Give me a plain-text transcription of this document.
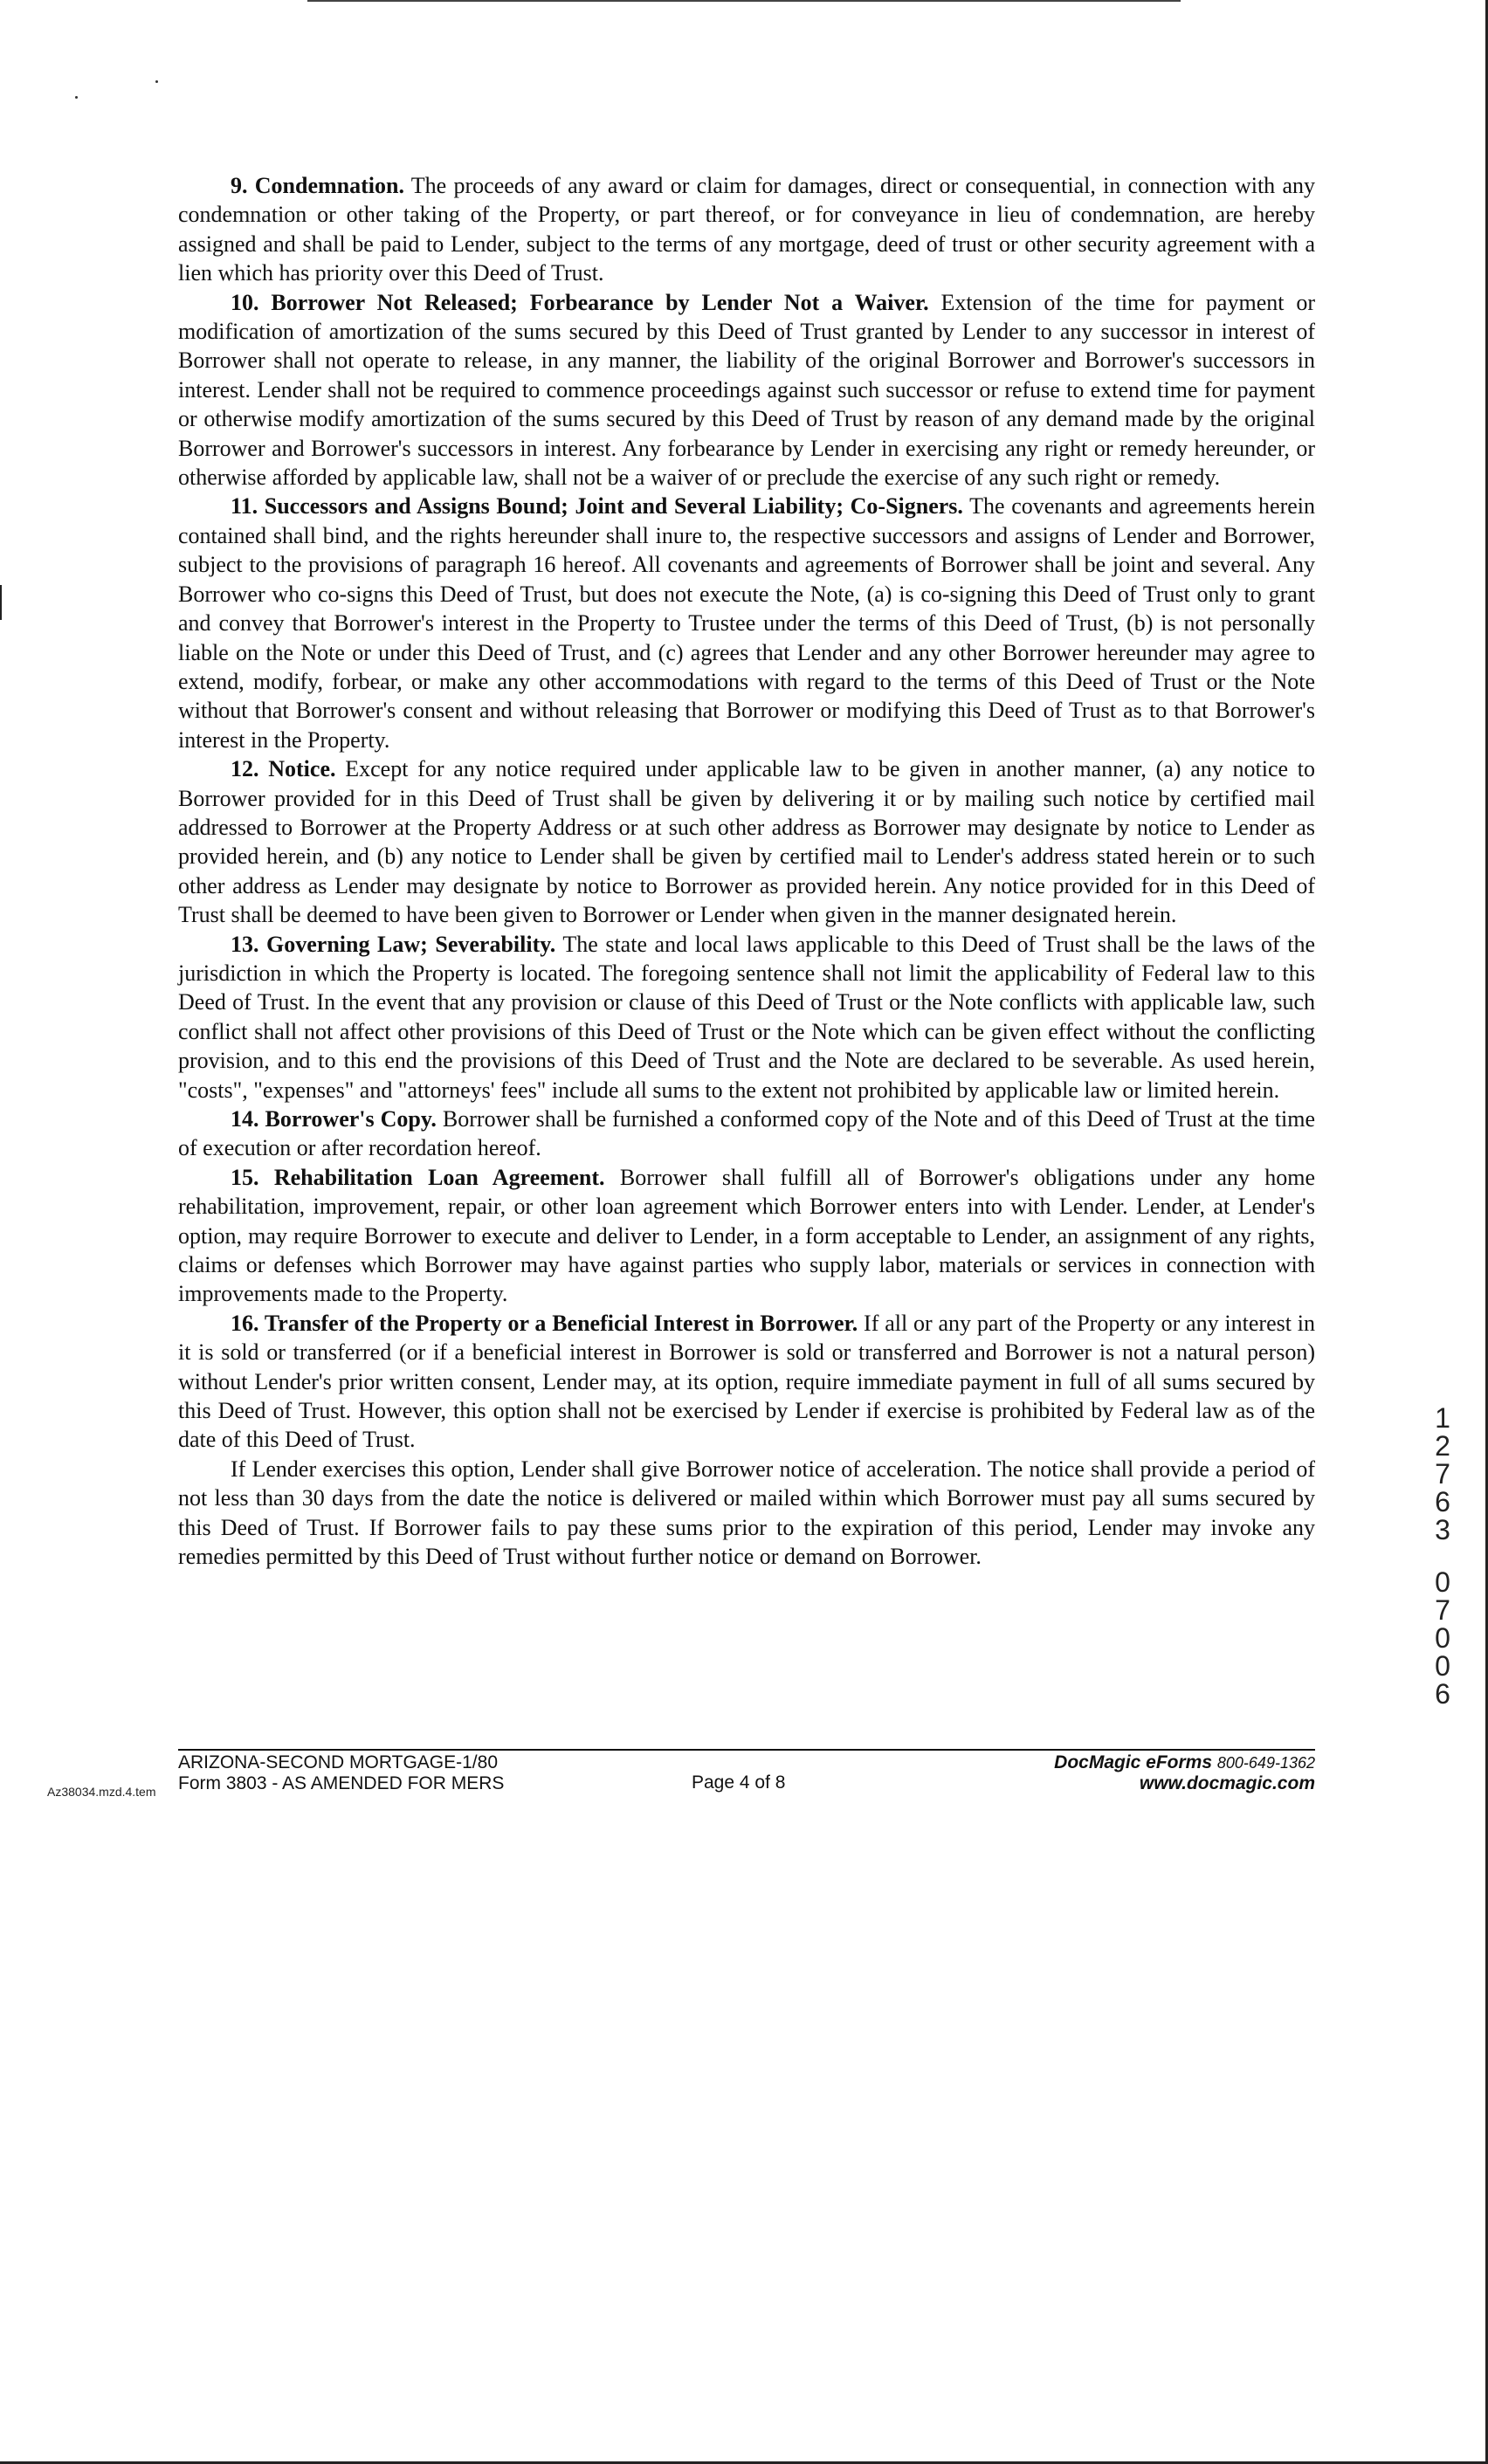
9. Condemnation. The proceeds of any award or claim for damages, direct or consequential, in connection with any condemnation or other taking of the Property, or part thereof, or for conveyance in lieu of condemnation, are hereby assigned and shall be paid to Lender, subject to the terms of any mortgage, deed of trust or other security agreement with a lien which has priority over this Deed of Trust.

10. Borrower Not Released; Forbearance by Lender Not a Waiver. Extension of the time for payment or modification of amortization of the sums secured by this Deed of Trust granted by Lender to any successor in interest of Borrower shall not operate to release, in any manner, the liability of the original Borrower and Borrower's successors in interest. Lender shall not be required to commence proceedings against such successor or refuse to extend time for payment or otherwise modify amortization of the sums secured by this Deed of Trust by reason of any demand made by the original Borrower and Borrower's successors in interest. Any forbearance by Lender in exercising any right or remedy hereunder, or otherwise afforded by applicable law, shall not be a waiver of or preclude the exercise of any such right or remedy.

11. Successors and Assigns Bound; Joint and Several Liability; Co-Signers. The covenants and agreements herein contained shall bind, and the rights hereunder shall inure to, the respective successors and assigns of Lender and Borrower, subject to the provisions of paragraph 16 hereof. All covenants and agreements of Borrower shall be joint and several. Any Borrower who co-signs this Deed of Trust, but does not execute the Note, (a) is co-signing this Deed of Trust only to grant and convey that Borrower's interest in the Property to Trustee under the terms of this Deed of Trust, (b) is not personally liable on the Note or under this Deed of Trust, and (c) agrees that Lender and any other Borrower hereunder may agree to extend, modify, forbear, or make any other accommodations with regard to the terms of this Deed of Trust or the Note without that Borrower's consent and without releasing that Borrower or modifying this Deed of Trust as to that Borrower's interest in the Property.

12. Notice. Except for any notice required under applicable law to be given in another manner, (a) any notice to Borrower provided for in this Deed of Trust shall be given by delivering it or by mailing such notice by certified mail addressed to Borrower at the Property Address or at such other address as Borrower may designate by notice to Lender as provided herein, and (b) any notice to Lender shall be given by certified mail to Lender's address stated herein or to such other address as Lender may designate by notice to Borrower as provided herein. Any notice provided for in this Deed of Trust shall be deemed to have been given to Borrower or Lender when given in the manner designated herein.

13. Governing Law; Severability. The state and local laws applicable to this Deed of Trust shall be the laws of the jurisdiction in which the Property is located. The foregoing sentence shall not limit the applicability of Federal law to this Deed of Trust. In the event that any provision or clause of this Deed of Trust or the Note conflicts with applicable law, such conflict shall not affect other provisions of this Deed of Trust or the Note which can be given effect without the conflicting provision, and to this end the provisions of this Deed of Trust and the Note are declared to be severable. As used herein, "costs", "expenses" and "attorneys' fees" include all sums to the extent not prohibited by applicable law or limited herein.

14. Borrower's Copy. Borrower shall be furnished a conformed copy of the Note and of this Deed of Trust at the time of execution or after recordation hereof.

15. Rehabilitation Loan Agreement. Borrower shall fulfill all of Borrower's obligations under any home rehabilitation, improvement, repair, or other loan agreement which Borrower enters into with Lender. Lender, at Lender's option, may require Borrower to execute and deliver to Lender, in a form acceptable to Lender, an assignment of any rights, claims or defenses which Borrower may have against parties who supply labor, materials or services in connection with improvements made to the Property.

16. Transfer of the Property or a Beneficial Interest in Borrower. If all or any part of the Property or any interest in it is sold or transferred (or if a beneficial interest in Borrower is sold or transferred and Borrower is not a natural person) without Lender's prior written consent, Lender may, at its option, require immediate payment in full of all sums secured by this Deed of Trust. However, this option shall not be exercised by Lender if exercise is prohibited by Federal law as of the date of this Deed of Trust.

If Lender exercises this option, Lender shall give Borrower notice of acceleration. The notice shall provide a period of not less than 30 days from the date the notice is delivered or mailed within which Borrower must pay all sums secured by this Deed of Trust. If Borrower fails to pay these sums prior to the expiration of this period, Lender may invoke any remedies permitted by this Deed of Trust without further notice or demand on Borrower.

1
2
7
6
3
0
7
0
0
6
ARIZONA-SECOND MORTGAGE-1/80
Form 3803 - AS AMENDED FOR MERS	Page 4 of 8
DocMagic eForms 800-649-1362
www.docmagic.com
Az38034.mzd.4.tem
